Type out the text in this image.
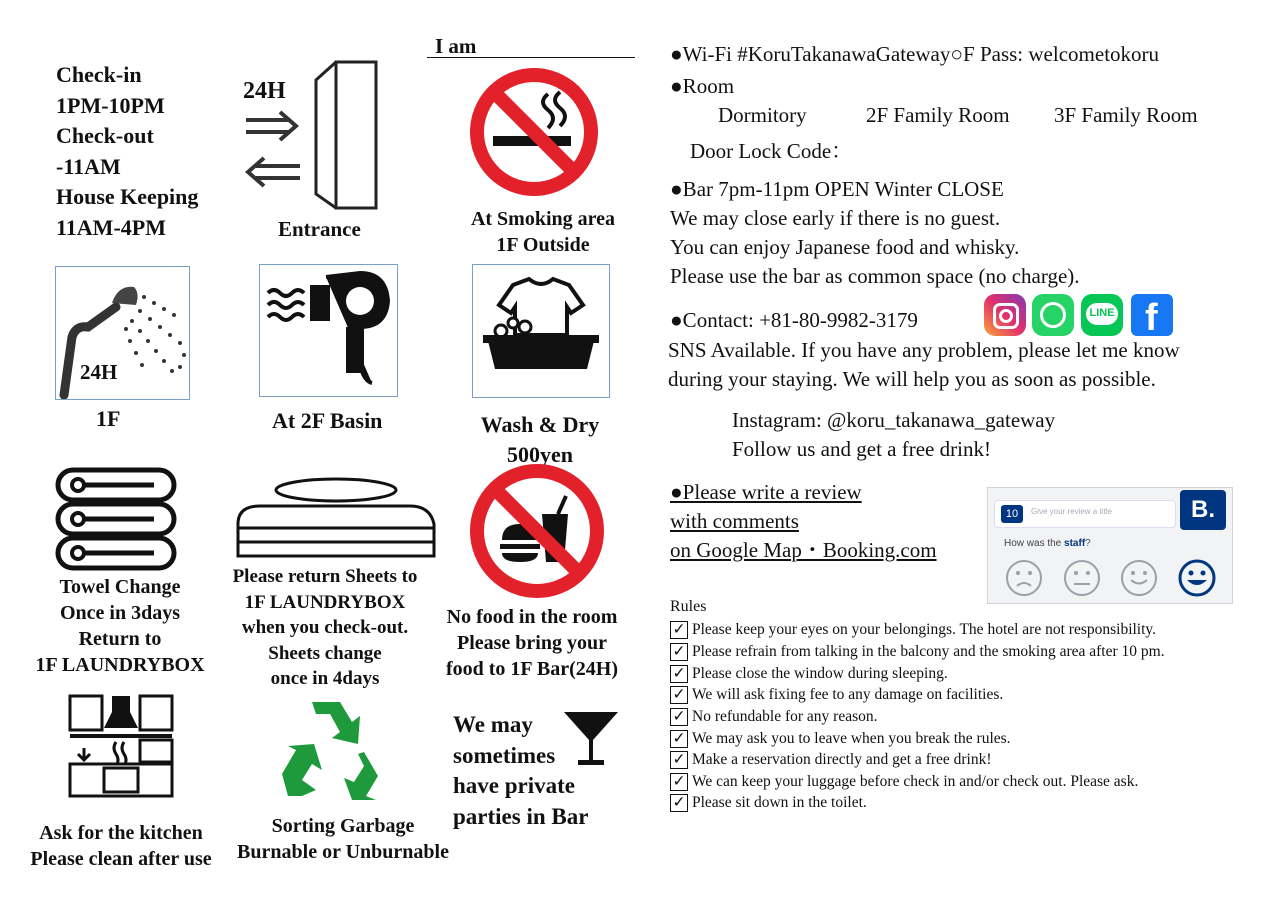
Check-in
1PM-10PM
Check-out
-11AM
House Keeping
11AM-4PM
24H
Entrance
I am
At Smoking area
1F Outside
24H
1F	At 2F Basin	Wash & Dry
500yen
Towel Change
Once in 3days
Return to
1F LAUNDRYBOX
Please return Sheets to
1F LAUNDRYBOX
when you check-out.
Sheets change
once in 4days
No food in the room
Please bring your
food to 1F Bar(24H)
Ask for the kitchen
Please clean after use
Sorting Garbage
Burnable or Unburnable
We may
sometimes
have private
parties in Bar
●Wi-Fi #KoruTakanawaGateway○F Pass: welcometokoru
●Room
Dormitory	2F Family Room 3F Family Room
Door Lock Code：
●Bar 7pm-11pm OPEN Winter CLOSE
We may close early if there is no guest.
You can enjoy Japanese food and whisky.
Please use the bar as common space (no charge).
●Contact: +81-80-9982-3179	LINE f
SNS Available. If you have any problem, please let me know
during your staying. We will help you as soon as possible.
Instagram: @koru_takanawa_gateway
Follow us and get a free drink!
●Please write a review
with comments
on Google Map・Booking.com
10	Give your review a title	B.
How was the staff?
Rules
✓ Please keep your eyes on your belongings. The hotel are not responsibility.
✓ Please refrain from talking in the balcony and the smoking area after 10 pm.
✓ Please close the window during sleeping.
✓ We will ask fixing fee to any damage on facilities.
✓ No refundable for any reason.
✓ We may ask you to leave when you break the rules.
✓ Make a reservation directly and get a free drink!
✓ We can keep your luggage before check in and/or check out. Please ask.
✓ Please sit down in the toilet.
